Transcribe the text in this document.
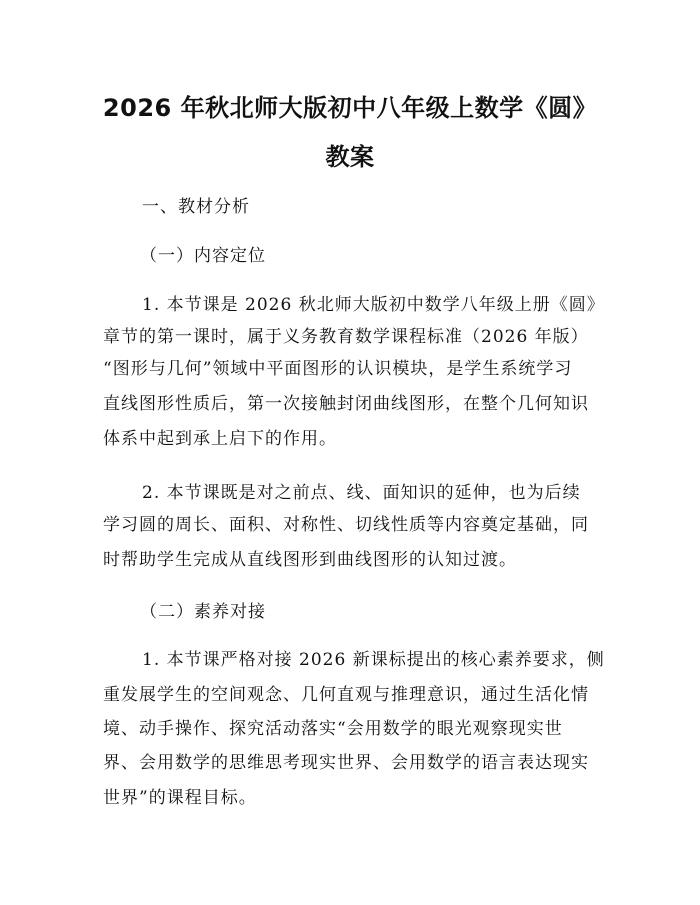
2026 年秋北师大版初中八年级上数学《圆》
教案
一、教材分析
（一）内容定位
1. 本节课是 2026 秋北师大版初中数学八年级上册《圆》
章节的第一课时，属于义务教育数学课程标准（2026 年版）
“图形与几何”领域中平面图形的认识模块，是学生系统学习
直线图形性质后，第一次接触封闭曲线图形，在整个几何知识
体系中起到承上启下的作用。
2. 本节课既是对之前点、线、面知识的延伸，也为后续
学习圆的周长、面积、对称性、切线性质等内容奠定基础，同
时帮助学生完成从直线图形到曲线图形的认知过渡。
（二）素养对接
1. 本节课严格对接 2026 新课标提出的核心素养要求，侧
重发展学生的空间观念、几何直观与推理意识，通过生活化情
境、动手操作、探究活动落实“会用数学的眼光观察现实世
界、会用数学的思维思考现实世界、会用数学的语言表达现实
世界”的课程目标。
